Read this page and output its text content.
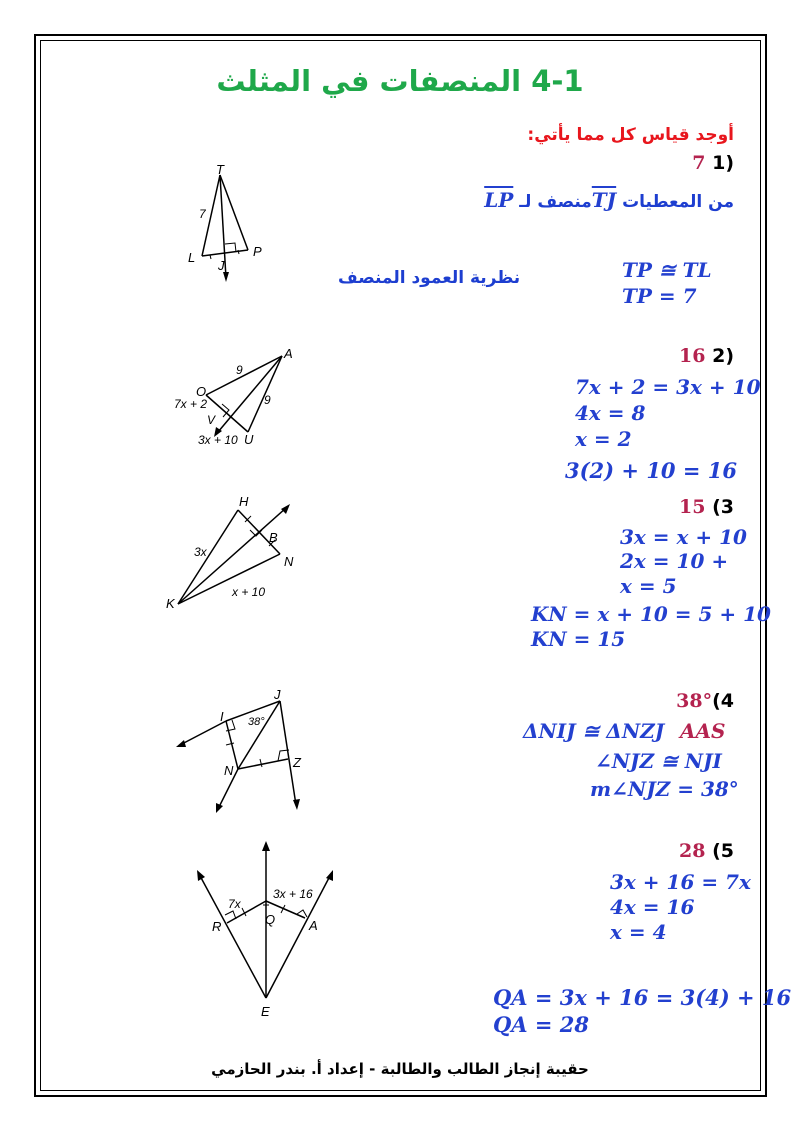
4-1 المنصفات في المثلث
أوجد قياس كل مما يأتي:
7 1)
$\overline{LP}$ منصف $لـ\overline{TJ}$ من المعطيات
نظرية العمود المنصف	TP ≅ TL
TP = 7
T
L
J
P
7
16 2)
7x + 2 = 3x + 10
4x = 8
x = 2
3(2) + 10 = 16
A
O
V
U
9
9
7x + 2
3x + 10
15 (3
3x = x + 10
2x = 10 +
x = 5
KN = x + 10 = 5 + 10
KN = 15
H
B
N
K
3x
x + 10
38°(4
ΔNIJ ≅ ΔNZJ AAS
∠NJZ ≅ NJI
m∠NJZ = 38°
J
I
N
Z
38°
28 (5
3x + 16 = 7x
4x = 16
x = 4
QA = 3x + 16 = 3(4) + 16
QA = 28
R	Q	A
E
7x
3x + 16
حقيبة إنجاز الطالب والطالبة - إعداد أ. بندر الحازمي
